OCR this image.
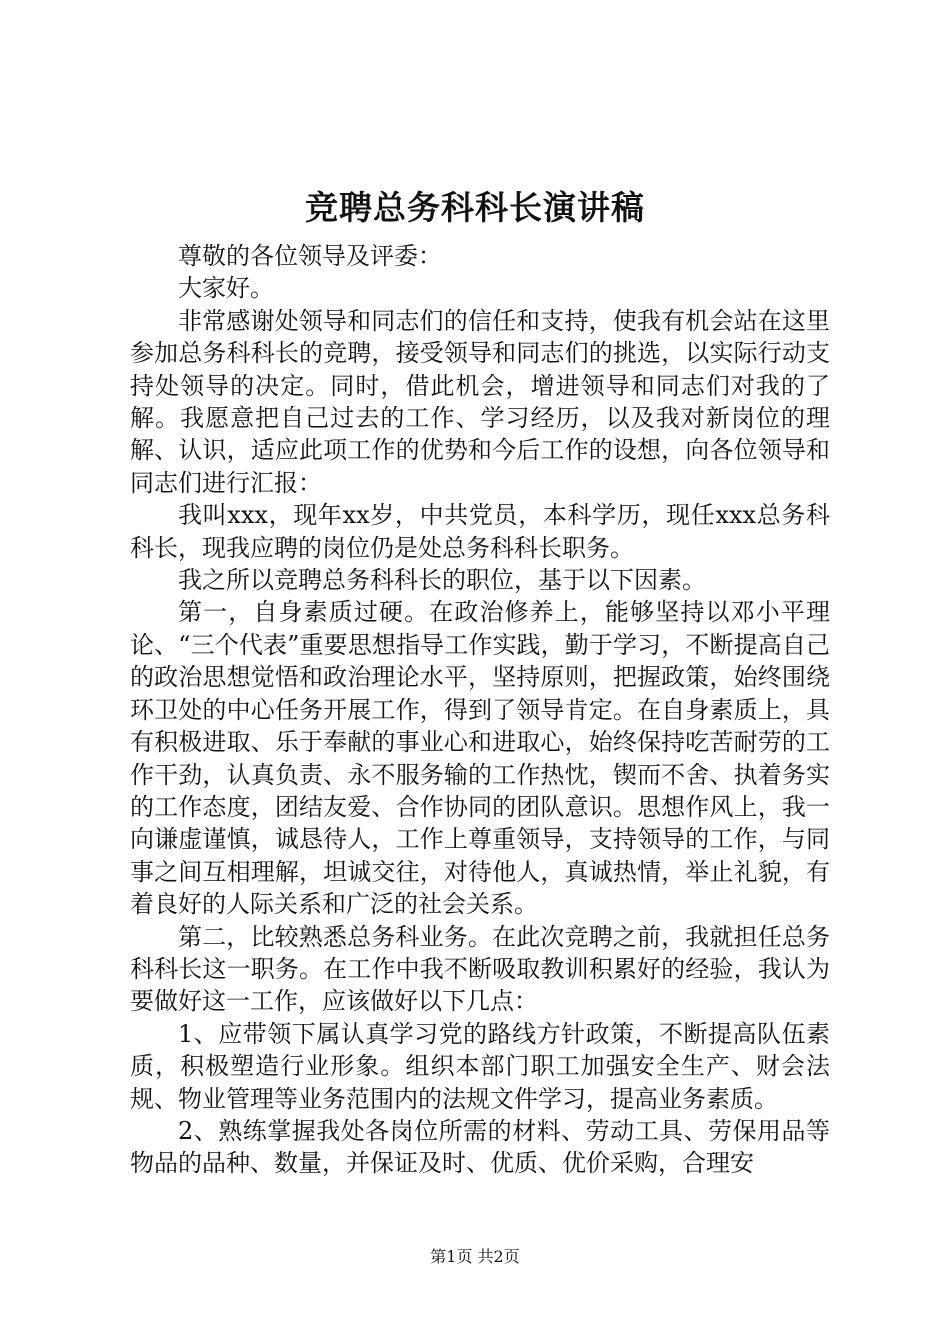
竞聘总务科科长演讲稿

尊敬的各位领导及评委：

大家好。

非常感谢处领导和同志们的信任和支持，使我有机会站在这里参加总务科科长的竞聘，接受领导和同志们的挑选，以实际行动支持处领导的决定。同时，借此机会，增进领导和同志们对我的了解。我愿意把自己过去的工作、学习经历，以及我对新岗位的理解、认识，适应此项工作的优势和今后工作的设想，向各位领导和同志们进行汇报：

我叫xxx，现年xx岁，中共党员，本科学历，现任xxx总务科科长，现我应聘的岗位仍是处总务科科长职务。

我之所以竞聘总务科科长的职位，基于以下因素。

第一，自身素质过硬。在政治修养上，能够坚持以邓小平理论、“三个代表”重要思想指导工作实践，勤于学习，不断提高自己的政治思想觉悟和政治理论水平，坚持原则，把握政策，始终围绕环卫处的中心任务开展工作，得到了领导肯定。在自身素质上，具有积极进取、乐于奉献的事业心和进取心，始终保持吃苦耐劳的工作干劲，认真负责、永不服务输的工作热忱，锲而不舍、执着务实的工作态度，团结友爱、合作协同的团队意识。思想作风上，我一向谦虚谨慎，诚恳待人，工作上尊重领导，支持领导的工作，与同事之间互相理解，坦诚交往，对待他人，真诚热情，举止礼貌，有着良好的人际关系和广泛的社会关系。

第二，比较熟悉总务科业务。在此次竞聘之前，我就担任总务科科长这一职务。在工作中我不断吸取教训积累好的经验，我认为要做好这一工作，应该做好以下几点：

1、应带领下属认真学习党的路线方针政策，不断提高队伍素质，积极塑造行业形象。组织本部门职工加强安全生产、财会法规、物业管理等业务范围内的法规文件学习，提高业务素质。

2、熟练掌握我处各岗位所需的材料、劳动工具、劳保用品等物品的品种、数量，并保证及时、优质、优价采购，合理安

第1页 共2页
